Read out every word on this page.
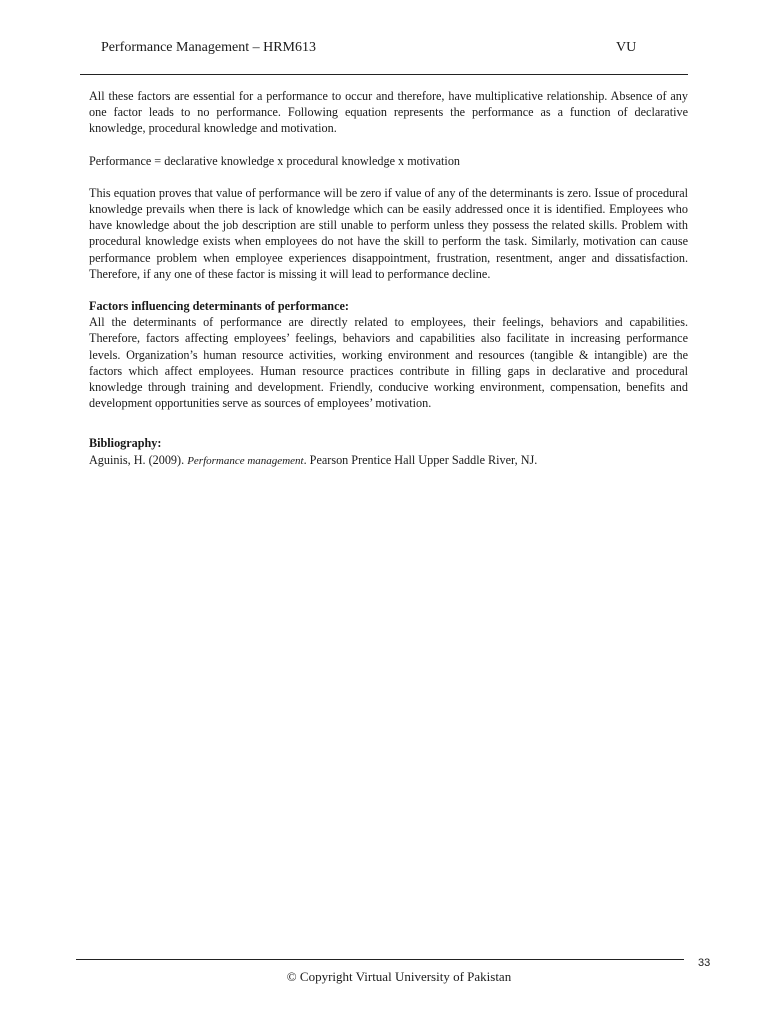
Performance Management – HRM613	VU

All these factors are essential for a performance to occur and therefore, have multiplicative relationship. Absence of any one factor leads to no performance. Following equation represents the performance as a function of declarative knowledge, procedural knowledge and motivation.

Performance = declarative knowledge x procedural knowledge x motivation

This equation proves that value of performance will be zero if value of any of the determinants is zero. Issue of procedural knowledge prevails when there is lack of knowledge which can be easily addressed once it is identified. Employees who have knowledge about the job description are still unable to perform unless they possess the related skills. Problem with procedural knowledge exists when employees do not have the skill to perform the task. Similarly, motivation can cause performance problem when employee experiences disappointment, frustration, resentment, anger and dissatisfaction. Therefore, if any one of these factor is missing it will lead to performance decline.

Factors influencing determinants of performance:

All the determinants of performance are directly related to employees, their feelings, behaviors and capabilities. Therefore, factors affecting employees’ feelings, behaviors and capabilities also facilitate in increasing performance levels. Organization’s human resource activities, working environment and resources (tangible & intangible) are the factors which affect employees. Human resource practices contribute in filling gaps in declarative and procedural knowledge through training and development. Friendly, conducive working environment, compensation, benefits and development opportunities serve as sources of employees’ motivation.

Bibliography:

Aguinis, H. (2009). Performance management. Pearson Prentice Hall Upper Saddle River, NJ.

33
© Copyright Virtual University of Pakistan
